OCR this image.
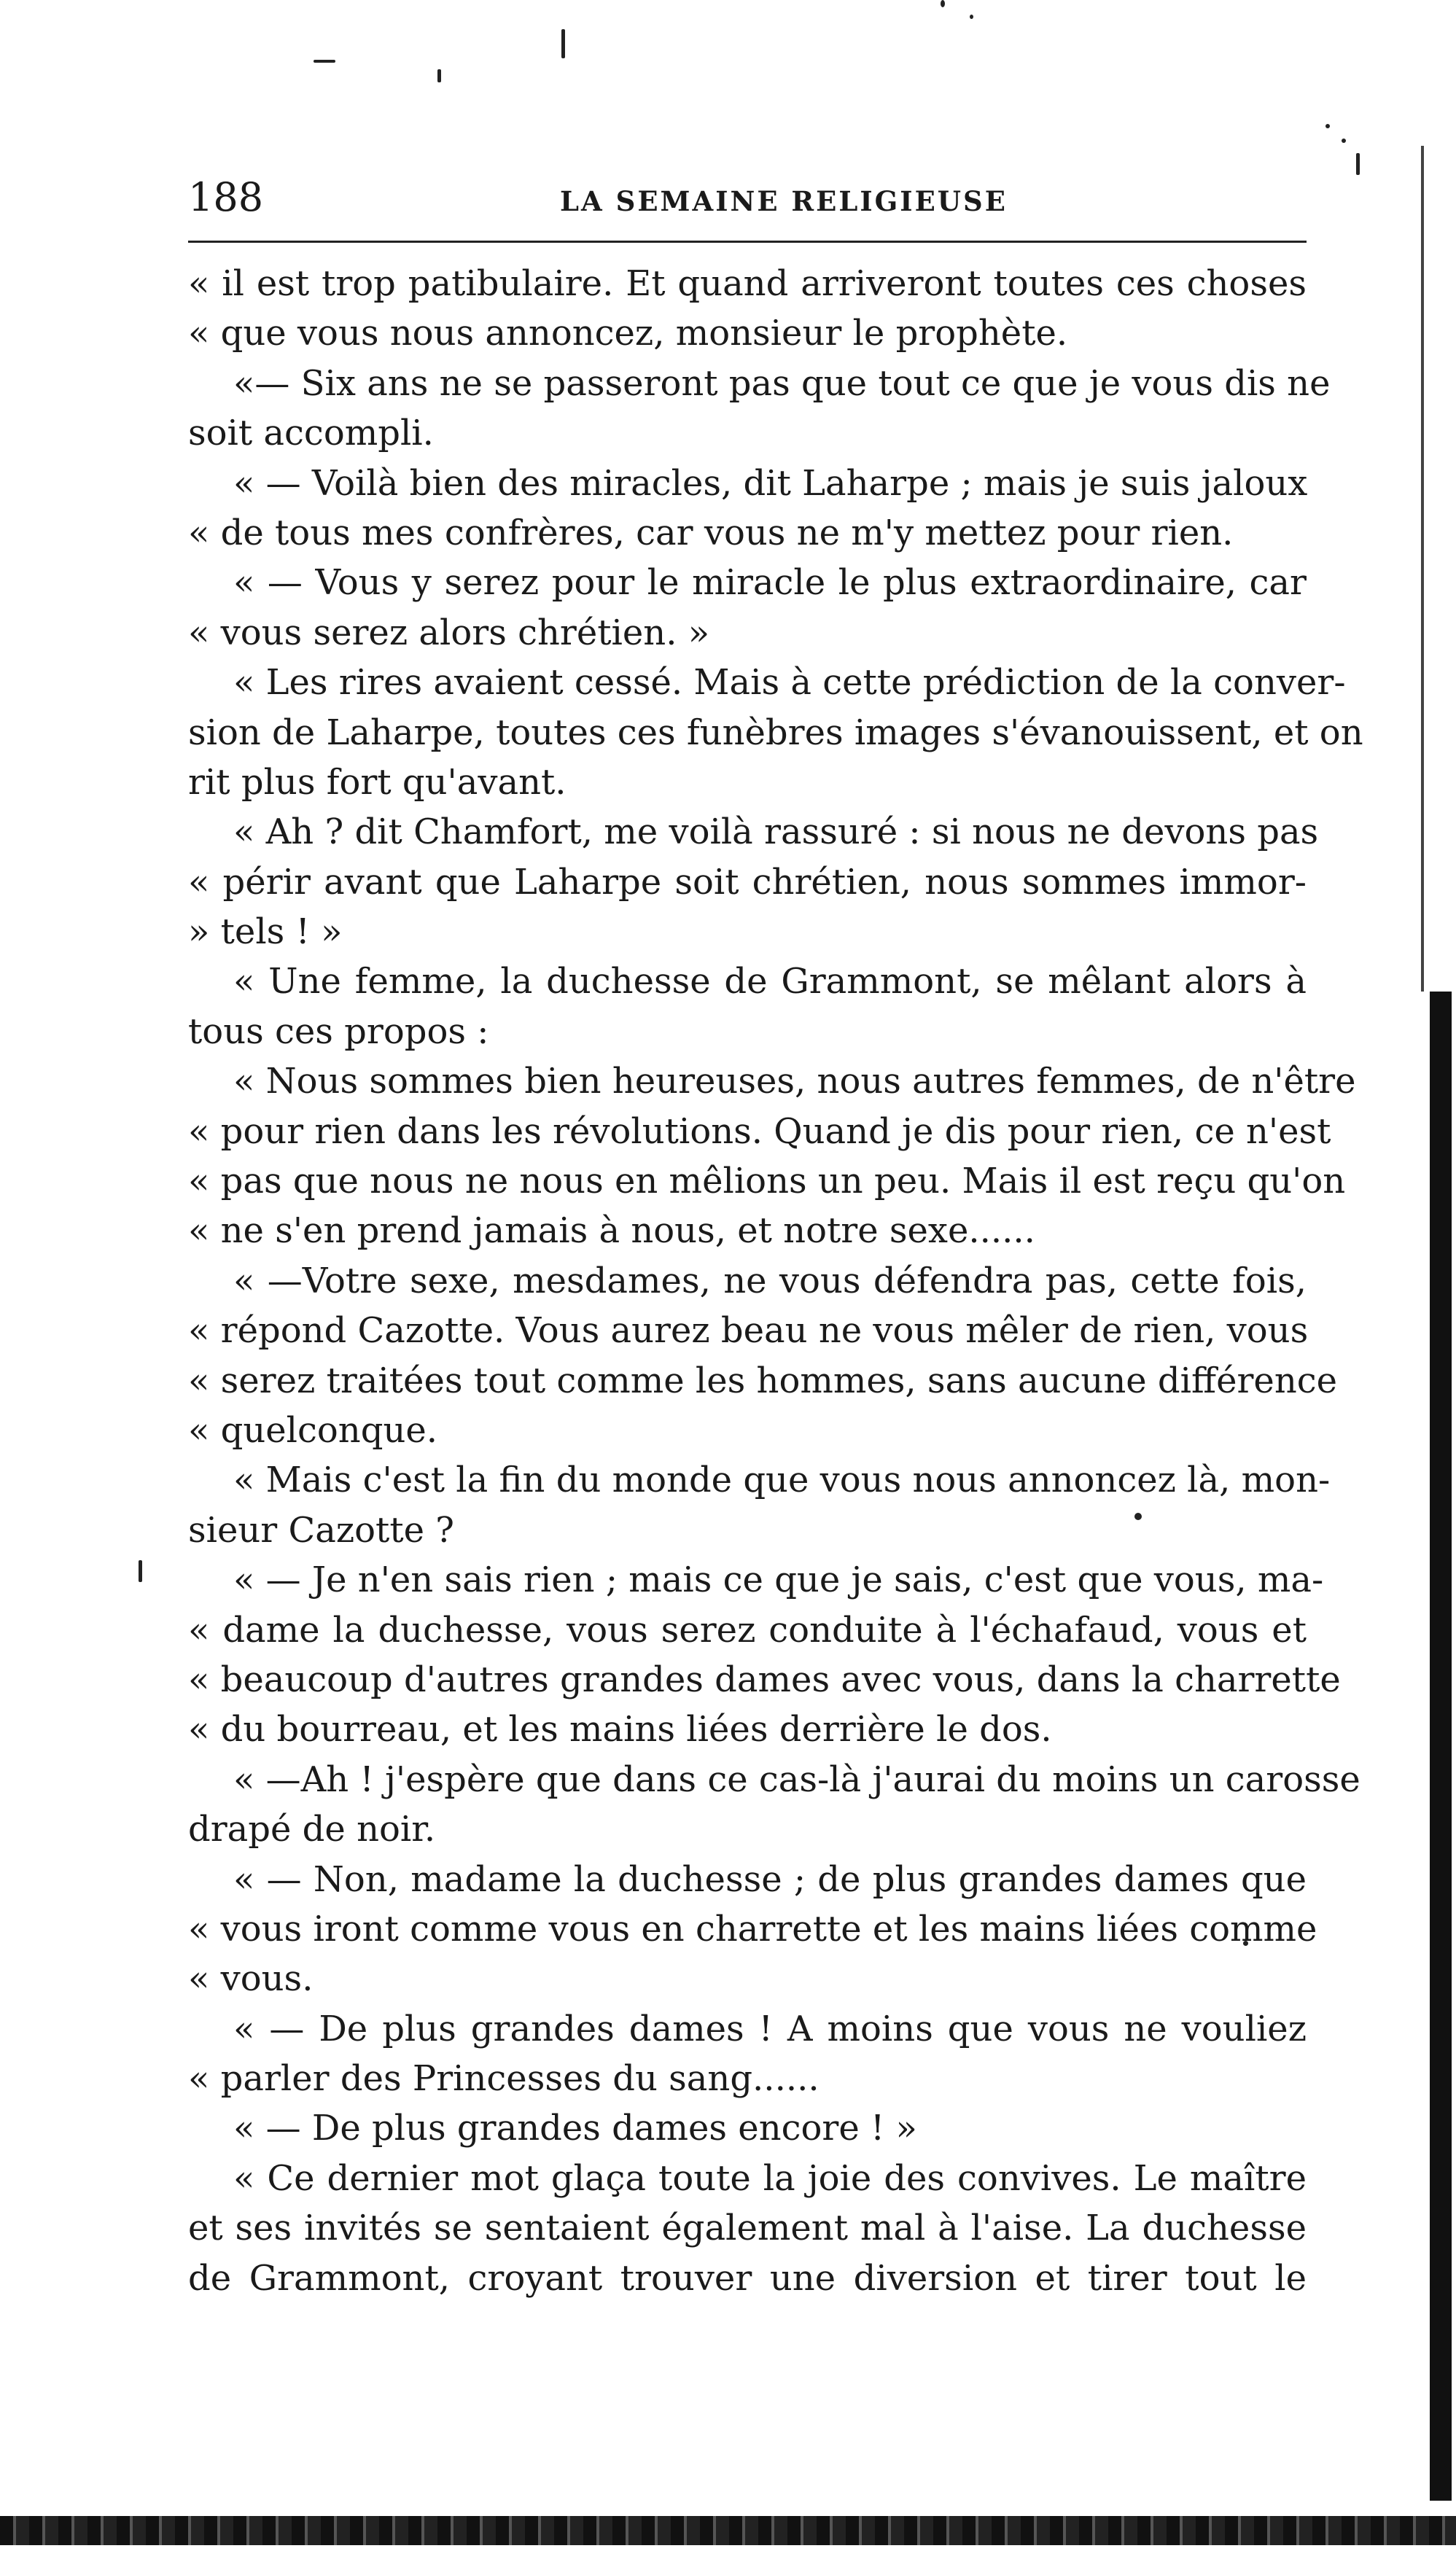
188	LA SEMAINE RELIGIEUSE
« il est trop patibulaire. Et quand arriveront toutes ces choses
« que vous nous annoncez, monsieur le prophète.
«— Six ans ne se passeront pas que tout ce que je vous dis ne
soit accompli.
« — Voilà bien des miracles, dit Laharpe ; mais je suis jaloux
« de tous mes confrères, car vous ne m'y mettez pour rien.
« — Vous y serez pour le miracle le plus extraordinaire, car
« vous serez alors chrétien. »
« Les rires avaient cessé. Mais à cette prédiction de la conver-
sion de Laharpe, toutes ces funèbres images s'évanouissent, et on
rit plus fort qu'avant.
« Ah ? dit Chamfort, me voilà rassuré : si nous ne devons pas
« périr avant que Laharpe soit chrétien, nous sommes immor-
» tels ! »
« Une femme, la duchesse de Grammont, se mêlant alors à
tous ces propos :
« Nous sommes bien heureuses, nous autres femmes, de n'être
« pour rien dans les révolutions. Quand je dis pour rien, ce n'est
« pas que nous ne nous en mêlions un peu. Mais il est reçu qu'on
« ne s'en prend jamais à nous, et notre sexe......
« —Votre sexe, mesdames, ne vous défendra pas, cette fois,
« répond Cazotte. Vous aurez beau ne vous mêler de rien, vous
« serez traitées tout comme les hommes, sans aucune différence
« quelconque.
« Mais c'est la fin du monde que vous nous annoncez là, mon-
sieur Cazotte ?
« — Je n'en sais rien ; mais ce que je sais, c'est que vous, ma-
« dame la duchesse, vous serez conduite à l'échafaud, vous et
« beaucoup d'autres grandes dames avec vous, dans la charrette
« du bourreau, et les mains liées derrière le dos.
« —Ah ! j'espère que dans ce cas-là j'aurai du moins un carosse
drapé de noir.
« — Non, madame la duchesse ; de plus grandes dames que
« vous iront comme vous en charrette et les mains liées comme
« vous.
« — De plus grandes dames ! A moins que vous ne vouliez
« parler des Princesses du sang......
« — De plus grandes dames encore ! »
« Ce dernier mot glaça toute la joie des convives. Le maître
et ses invités se sentaient également mal à l'aise. La duchesse
de Grammont, croyant trouver une diversion et tirer tout le
